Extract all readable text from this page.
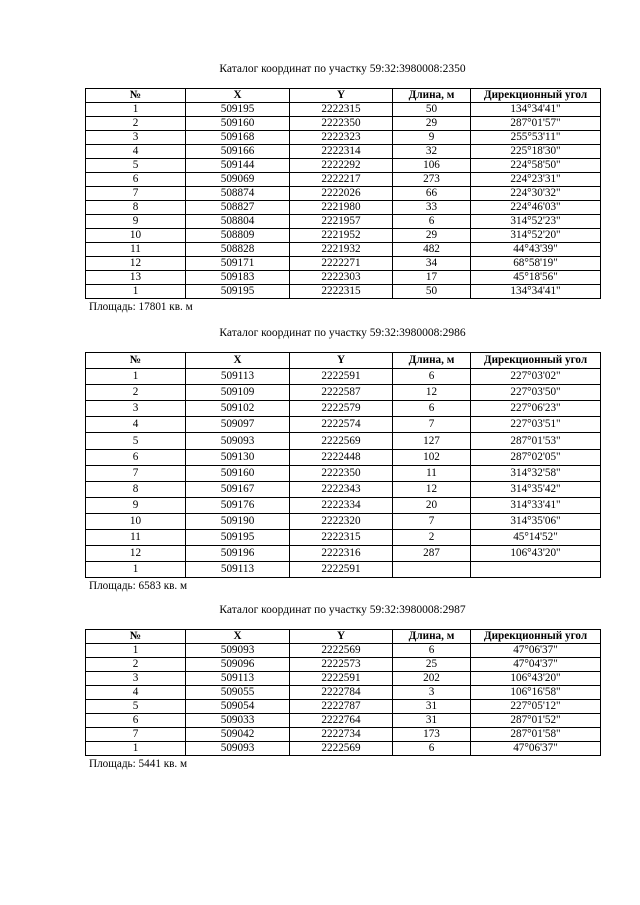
Каталог координат по участку 59:32:3980008:2350
№	X	Y	Длина, м	Дирекционный угол
1	509195	2222315	50	134°34'41"
2	509160	2222350	29	287°01'57"
3	509168	2222323	9	255°53'11"
4	509166	2222314	32	225°18'30"
5	509144	2222292	106	224°58'50"
6	509069	2222217	273	224°23'31"
7	508874	2222026	66	224°30'32"
8	508827	2221980	33	224°46'03"
9	508804	2221957	6	314°52'23"
10	508809	2221952	29	314°52'20"
11	508828	2221932	482	44°43'39"
12	509171	2222271	34	68°58'19"
13	509183	2222303	17	45°18'56"
1	509195	2222315	50	134°34'41"
Площадь: 17801 кв. м
Каталог координат по участку 59:32:3980008:2986
№	X	Y	Длина, м	Дирекционный угол
1	509113	2222591	6	227°03'02"
2	509109	2222587	12	227°03'50"
3	509102	2222579	6	227°06'23"
4	509097	2222574	7	227°03'51"
5	509093	2222569	127	287°01'53"
6	509130	2222448	102	287°02'05"
7	509160	2222350	11	314°32'58"
8	509167	2222343	12	314°35'42"
9	509176	2222334	20	314°33'41"
10	509190	2222320	7	314°35'06"
11	509195	2222315	2	45°14'52"
12	509196	2222316	287	106°43'20"
1	509113	2222591		
Площадь: 6583 кв. м
Каталог координат по участку 59:32:3980008:2987
№	X	Y	Длина, м	Дирекционный угол
1	509093	2222569	6	47°06'37"
2	509096	2222573	25	47°04'37"
3	509113	2222591	202	106°43'20"
4	509055	2222784	3	106°16'58"
5	509054	2222787	31	227°05'12"
6	509033	2222764	31	287°01'52"
7	509042	2222734	173	287°01'58"
1	509093	2222569	6	47°06'37"
Площадь: 5441 кв. м
